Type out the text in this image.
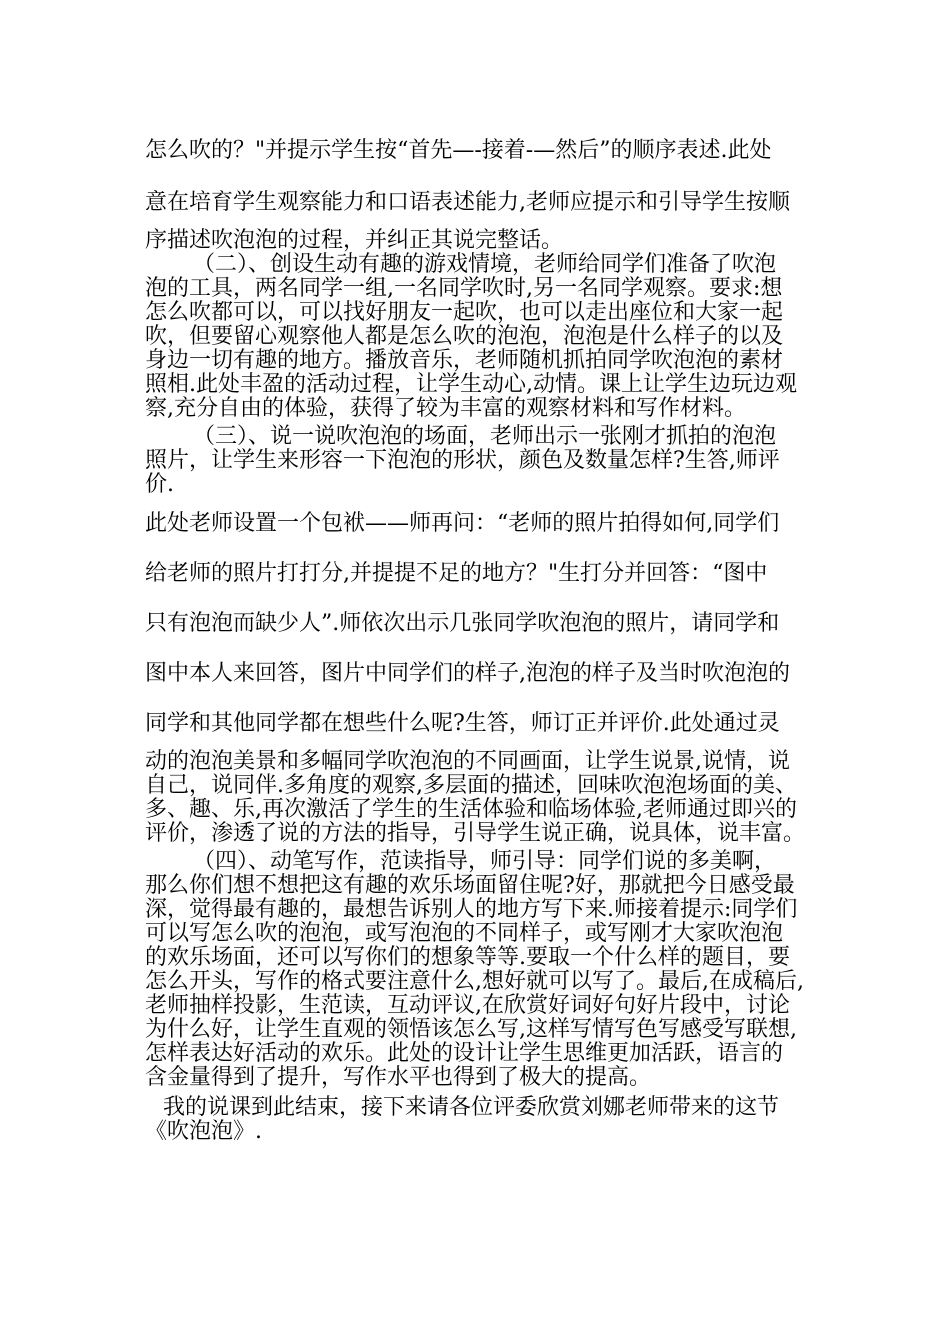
怎么吹的？"并提示学生按“首先—-接着-—然后”的顺序表述.此处
意在培育学生观察能力和口语表述能力,老师应提示和引导学生按顺
序描述吹泡泡的过程，并纠正其说完整话。
（二）、创设生动有趣的游戏情境，老师给同学们准备了吹泡
泡的工具，两名同学一组,一名同学吹时,另一名同学观察。要求:想
怎么吹都可以，可以找好朋友一起吹，也可以走出座位和大家一起
吹，但要留心观察他人都是怎么吹的泡泡，泡泡是什么样子的以及
身边一切有趣的地方。播放音乐，老师随机抓拍同学吹泡泡的素材
照相.此处丰盈的活动过程，让学生动心,动情。课上让学生边玩边观
察,充分自由的体验，获得了较为丰富的观察材料和写作材料。
（三）、说一说吹泡泡的场面，老师出示一张刚才抓拍的泡泡
照片，让学生来形容一下泡泡的形状，颜色及数量怎样?生答,师评
价.
此处老师设置一个包袱——师再问：“老师的照片拍得如何,同学们
给老师的照片打打分,并提提不足的地方？"生打分并回答：“图中
只有泡泡而缺少人”.师依次出示几张同学吹泡泡的照片，请同学和
图中本人来回答，图片中同学们的样子,泡泡的样子及当时吹泡泡的
同学和其他同学都在想些什么呢?生答，师订正并评价.此处通过灵
动的泡泡美景和多幅同学吹泡泡的不同画面，让学生说景,说情，说
自己，说同伴.多角度的观察,多层面的描述，回味吹泡泡场面的美、
多、趣、乐,再次激活了学生的生活体验和临场体验,老师通过即兴的
评价，渗透了说的方法的指导，引导学生说正确，说具体，说丰富。
（四）、动笔写作，范读指导，师引导：同学们说的多美啊，
那么你们想不想把这有趣的欢乐场面留住呢?好，那就把今日感受最
深，觉得最有趣的，最想告诉别人的地方写下来.师接着提示:同学们
可以写怎么吹的泡泡，或写泡泡的不同样子，或写刚才大家吹泡泡
的欢乐场面，还可以写你们的想象等等.要取一个什么样的题目，要
怎么开头，写作的格式要注意什么,想好就可以写了。最后,在成稿后,
老师抽样投影，生范读，互动评议,在欣赏好词好句好片段中，讨论
为什么好，让学生直观的领悟该怎么写,这样写情写色写感受写联想,
怎样表达好活动的欢乐。此处的设计让学生思维更加活跃，语言的
含金量得到了提升，写作水平也得到了极大的提高。
我的说课到此结束，接下来请各位评委欣赏刘娜老师带来的这节
《吹泡泡》.
